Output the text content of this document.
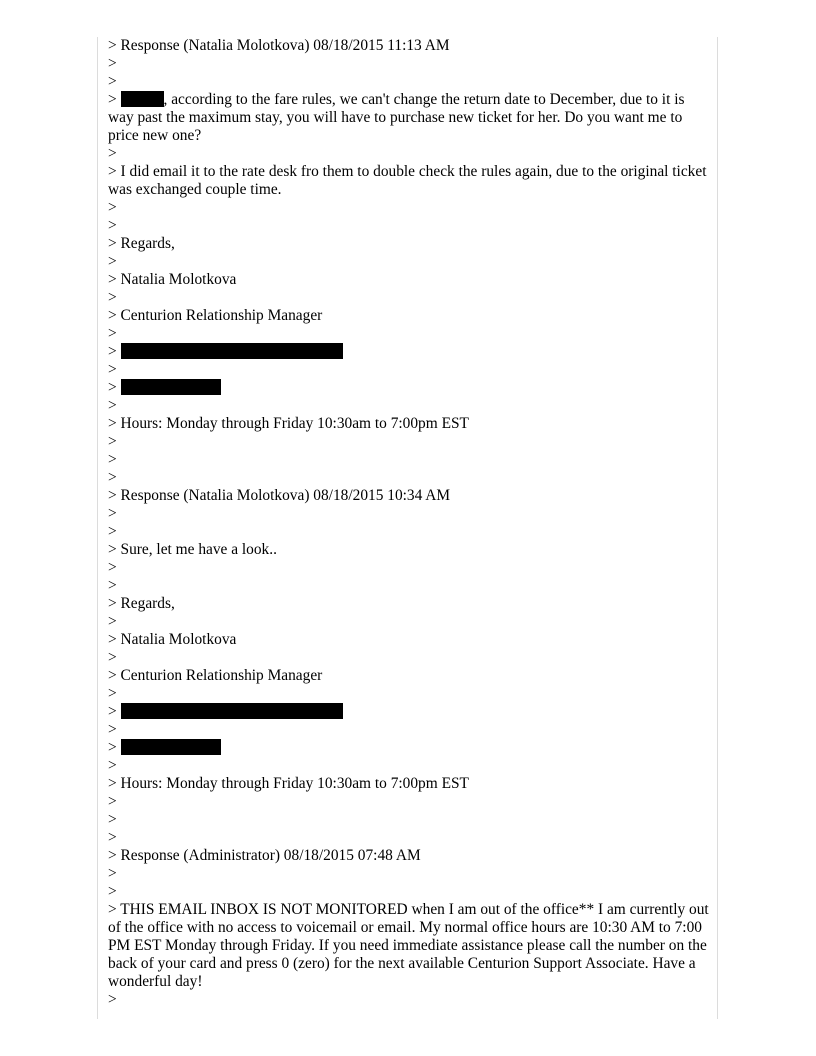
> Response (Natalia Molotkova) 08/18/2015 11:13 AM
>
>
>	, according to the fare rules, we can't change the return date to December, due to it is way past the maximum stay, you will have to purchase new ticket for her. Do you want me to price new one?
>
> I did email it to the rate desk fro them to double check the rules again, due to the original ticket was exchanged couple time.
>
>
> Regards,
>
> Natalia Molotkova
>
> Centurion Relationship Manager
>
>
>
>
>
> Hours: Monday through Friday 10:30am to 7:00pm EST
>
>
>
> Response (Natalia Molotkova) 08/18/2015 10:34 AM
>
>
> Sure, let me have a look..
>
>
> Regards,
>
> Natalia Molotkova
>
> Centurion Relationship Manager
>
>
>
>
>
> Hours: Monday through Friday 10:30am to 7:00pm EST
>
>
>
> Response (Administrator) 08/18/2015 07:48 AM
>
>
> THIS EMAIL INBOX IS NOT MONITORED when I am out of the office** I am currently out of the office with no access to voicemail or email. My normal office hours are 10:30 AM to 7:00 PM EST Monday through Friday. If you need immediate assistance please call the number on the back of your card and press 0 (zero) for the next available Centurion Support Associate. Have a wonderful day!
>
